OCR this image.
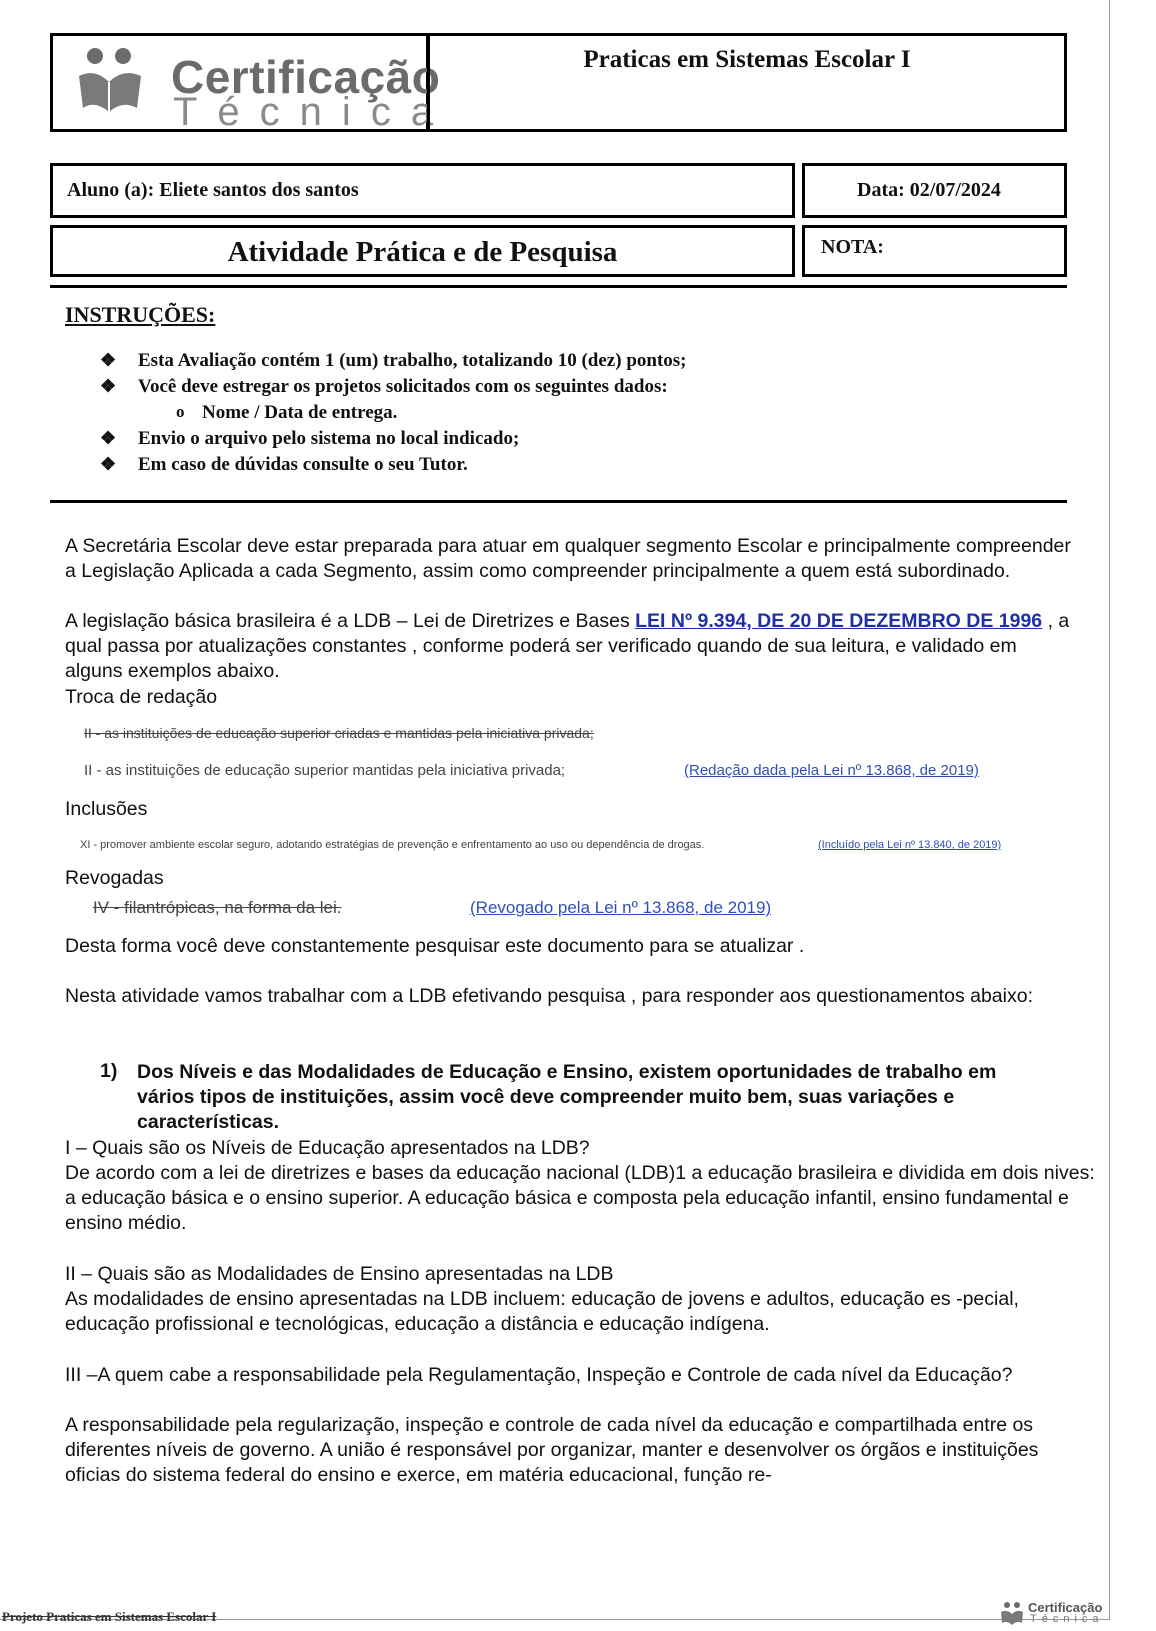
Certificação
Técnica
Praticas em Sistemas Escolar I
Aluno (a): Eliete santos dos santos	Data: 02/07/2024
Atividade Prática e de Pesquisa	NOTA:
INSTRUÇÕES:
❖ Esta Avaliação contém 1 (um) trabalho, totalizando 10 (dez) pontos;
❖ Você deve estregar os projetos solicitados com os seguintes dados:
o Nome / Data de entrega.
❖ Envio o arquivo pelo sistema no local indicado;
❖ Em caso de dúvidas consulte o seu Tutor.
A Secretária Escolar deve estar preparada para atuar em qualquer segmento Escolar e principalmente compreender a Legislação Aplicada a cada Segmento, assim como compreender principalmente a quem está subordinado.
A legislação básica brasileira é a LDB – Lei de Diretrizes e Bases LEI Nº 9.394, DE 20 DE DEZEMBRO DE 1996 , a qual passa por atualizações constantes , conforme poderá ser verificado quando de sua leitura, e validado em alguns exemplos abaixo.
Troca de redação
II - as instituições de educação superior criadas e mantidas pela iniciativa privada;
II - as instituições de educação superior mantidas pela iniciativa privada;	(Redação dada pela Lei nº 13.868, de 2019)
Inclusões
XI - promover ambiente escolar seguro, adotando estratégias de prevenção e enfrentamento ao uso ou dependência de drogas.	(Incluído pela Lei nº 13.840, de 2019)
Revogadas
IV - filantrópicas, na forma da lei.	(Revogado pela Lei nº 13.868, de 2019)
Desta forma você deve constantemente pesquisar este documento para se atualizar .
Nesta atividade vamos trabalhar com a LDB efetivando pesquisa , para responder aos questionamentos abaixo:
1) Dos Níveis e das Modalidades de Educação e Ensino, existem oportunidades de trabalho em vários tipos de instituições, assim você deve compreender muito bem, suas variações e características.
I – Quais são os Níveis de Educação apresentados na LDB?
De acordo com a lei de diretrizes e bases da educação nacional (LDB)1 a educação brasileira e dividida em dois nives: a educação básica e o ensino superior. A educação básica e composta pela educação infantil, ensino fundamental e ensino médio.
II – Quais são as Modalidades de Ensino apresentadas na LDB
As modalidades de ensino apresentadas na LDB incluem: educação de jovens e adultos, educação es -pecial, educação profissional e tecnológicas, educação a distância e educação indígena.
III –A quem cabe a responsabilidade pela Regulamentação, Inspeção e Controle de cada nível da Educação?
A responsabilidade pela regularização, inspeção e controle de cada nível da educação e compartilhada entre os diferentes níveis de governo. A união é responsável por organizar, manter e desenvolver os órgãos e instituições oficias do sistema federal do ensino e exerce, em matéria educacional, função re-
Projeto Praticas em Sistemas Escolar I
Certificação
Técnica
